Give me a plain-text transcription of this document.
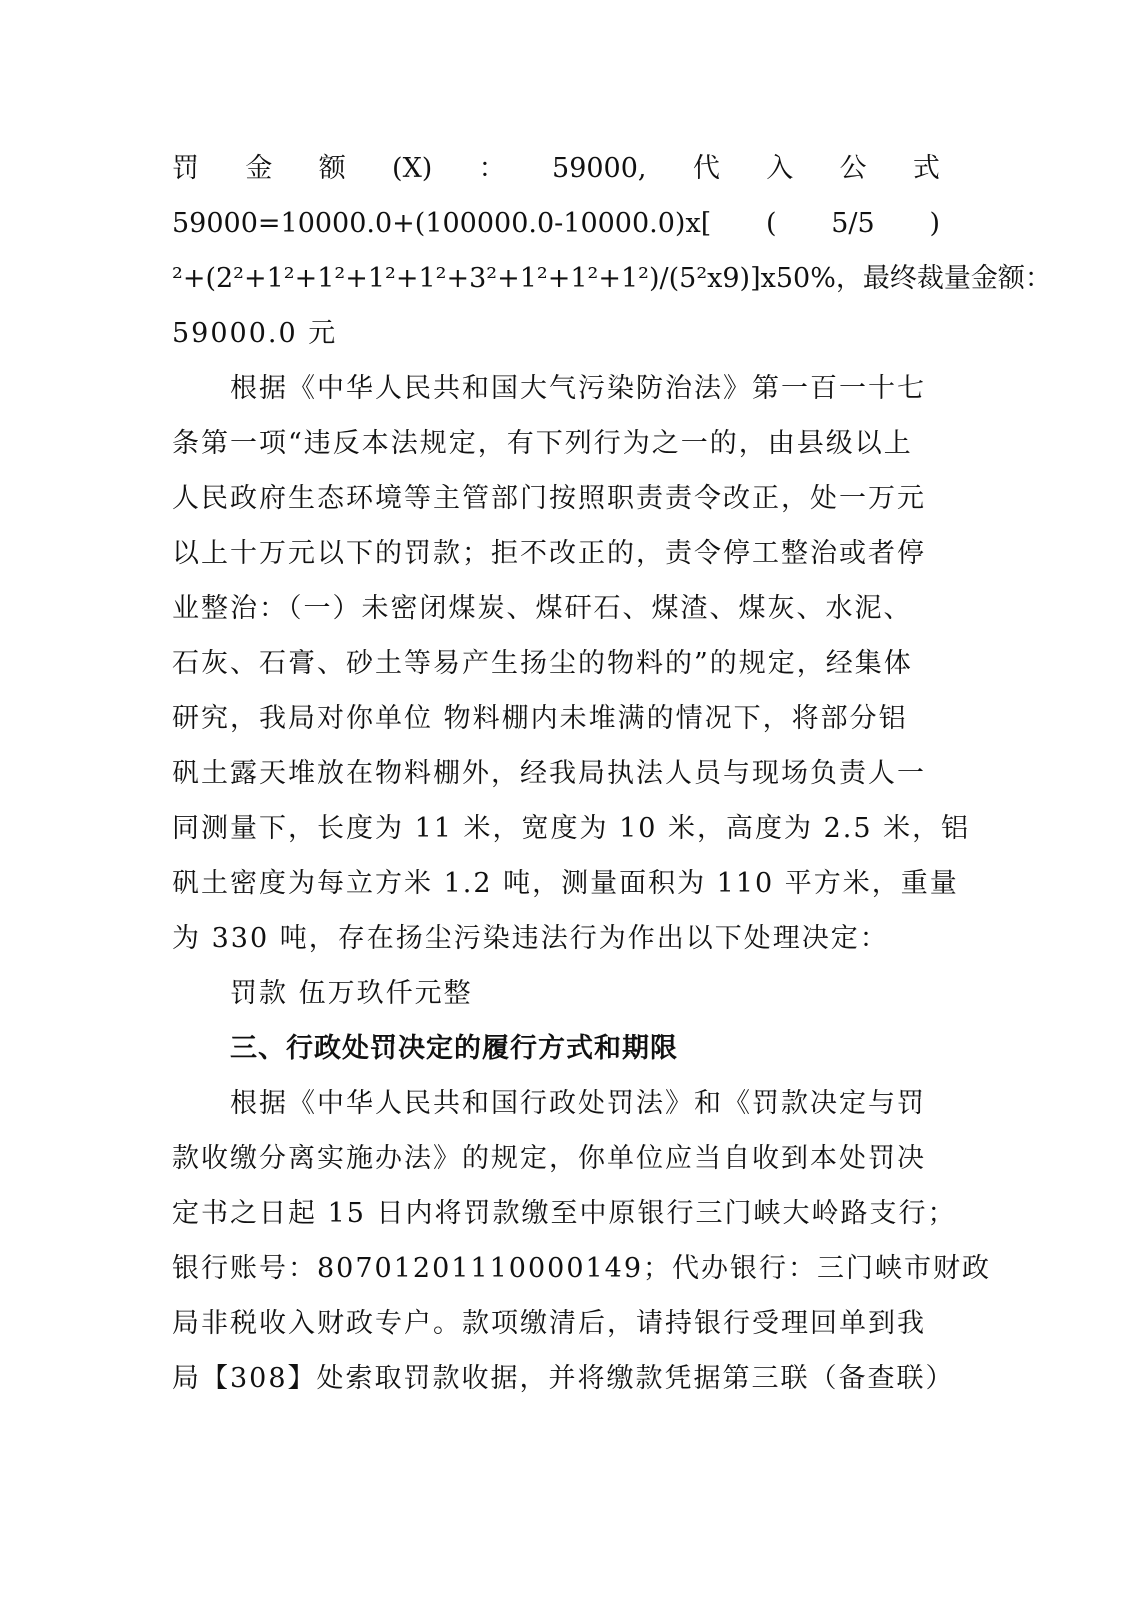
罚 金 额 (X) ： 59000, 代 入 公 式
59000=10000.0+(100000.0-10000.0)x[ ( 5/5 )
²+(2²+1²+1²+1²+1²+3²+1²+1²+1²)/(5²x9)]x50%，最终裁量金额：
59000.0 元
根据《中华人民共和国大气污染防治法》第一百一十七
条第一项“违反本法规定，有下列行为之一的，由县级以上
人民政府生态环境等主管部门按照职责责令改正，处一万元
以上十万元以下的罚款；拒不改正的，责令停工整治或者停
业整治：（一）未密闭煤炭、煤矸石、煤渣、煤灰、水泥、
石灰、石膏、砂土等易产生扬尘的物料的”的规定，经集体
研究，我局对你单位 物料棚内未堆满的情况下，将部分铝
矾土露天堆放在物料棚外，经我局执法人员与现场负责人一
同测量下，长度为 11 米，宽度为 10 米，高度为 2.5 米，铝
矾土密度为每立方米 1.2 吨，测量面积为 110 平方米，重量
为 330 吨，存在扬尘污染违法行为作出以下处理决定：
罚款 伍万玖仟元整
三、行政处罚决定的履行方式和期限
根据《中华人民共和国行政处罚法》和《罚款决定与罚
款收缴分离实施办法》的规定，你单位应当自收到本处罚决
定书之日起 15 日内将罚款缴至中原银行三门峡大岭路支行；
银行账号：80701201110000149；代办银行：三门峡市财政
局非税收入财政专户。款项缴清后，请持银行受理回单到我
局【308】处索取罚款收据，并将缴款凭据第三联（备查联）
